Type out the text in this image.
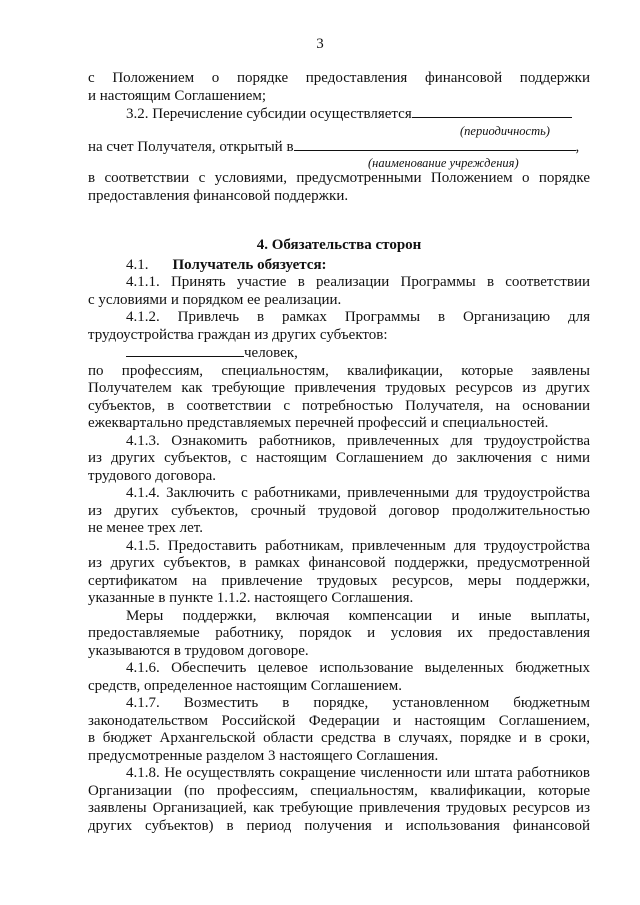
3

с Положением о порядке предоставления финансовой поддержки

и настоящим Соглашением;

3.2. Перечисление субсидии осуществляется

(периодичность)

на счет Получателя, открытый в	,

(наименование учреждения)

в соответствии с условиями, предусмотренными Положением о порядке

предоставления финансовой поддержки.

4. Обязательства сторон

4.1. Получатель обязуется:

4.1.1. Принять участие в реализации Программы в соответствии

с условиями и порядком ее реализации.

4.1.2. Привлечь в рамках Программы в Организацию для

трудоустройства граждан из других субъектов:

человек,

по профессиям, специальностям, квалификации, которые заявлены

Получателем как требующие привлечения трудовых ресурсов из других

субъектов, в соответствии с потребностью Получателя, на основании

ежеквартально представляемых перечней профессий и специальностей.

4.1.3. Ознакомить работников, привлеченных для трудоустройства

из других субъектов, с настоящим Соглашением до заключения с ними

трудового договора.

4.1.4. Заключить с работниками, привлеченными для трудоустройства

из других субъектов, срочный трудовой договор продолжительностью

не менее трех лет.

4.1.5. Предоставить работникам, привлеченным для трудоустройства

из других субъектов, в рамках финансовой поддержки, предусмотренной

сертификатом на привлечение трудовых ресурсов, меры поддержки,

указанные в пункте 1.1.2. настоящего Соглашения.

Меры поддержки, включая компенсации и иные выплаты,

предоставляемые работнику, порядок и условия их предоставления

указываются в трудовом договоре.

4.1.6. Обеспечить целевое использование выделенных бюджетных

средств, определенное настоящим Соглашением.

4.1.7. Возместить в порядке, установленном бюджетным

законодательством Российской Федерации и настоящим Соглашением,

в бюджет Архангельской области средства в случаях, порядке и в сроки,

предусмотренные разделом 3 настоящего Соглашения.

4.1.8. Не осуществлять сокращение численности или штата работников

Организации (по профессиям, специальностям, квалификации, которые

заявлены Организацией, как требующие привлечения трудовых ресурсов из

других субъектов) в период получения и использования финансовой
